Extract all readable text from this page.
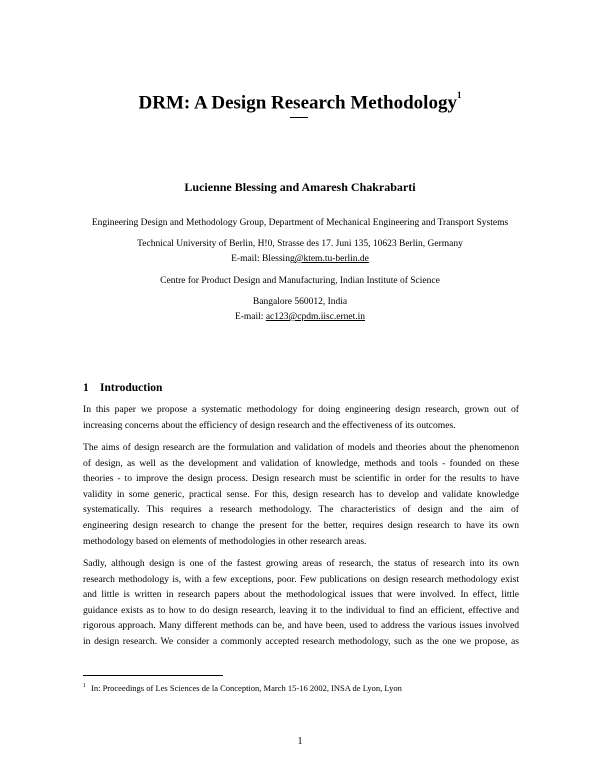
DRM: A Design Research Methodology$^1$
Lucienne Blessing and Amaresh Chakrabarti
Engineering Design and Methodology Group, Department of Mechanical Engineering and Transport Systems
Technical University of Berlin, H!0, Strasse des 17. Juni 135, 10623 Berlin, Germany
E-mail: Blessing@ktem.tu-berlin.de
Centre for Product Design and Manufacturing, Indian Institute of Science
Bangalore 560012, India
E-mail: ac123@cpdm.iisc.ernet.in
1 Introduction
In this paper we propose a systematic methodology for doing engineering design research, grown out of
increasing concerns about the efficiency of design research and the effectiveness of its outcomes.
The aims of design research are the formulation and validation of models and theories about the phenomenon
of design, as well as the development and validation of knowledge, methods and tools - founded on these
theories - to improve the design process. Design research must be scientific in order for the results to have
validity in some generic, practical sense. For this, design research has to develop and validate knowledge
systematically. This requires a research methodology. The characteristics of design and the aim of
engineering design research to change the present for the better, requires design research to have its own
methodology based on elements of methodologies in other research areas.
Sadly, although design is one of the fastest growing areas of research, the status of research into its own
research methodology is, with a few exceptions, poor. Few publications on design research methodology exist
and little is written in research papers about the methodological issues that were involved. In effect, little
guidance exists as to how to do design research, leaving it to the individual to find an efficient, effective and
rigorous approach. Many different methods can be, and have been, used to address the various issues involved
in design research. We consider a commonly accepted research methodology, such as the one we propose, as
$^1$ In: Proceedings of Les Sciences de la Conception, March 15-16 2002, INSA de Lyon, Lyon
1
